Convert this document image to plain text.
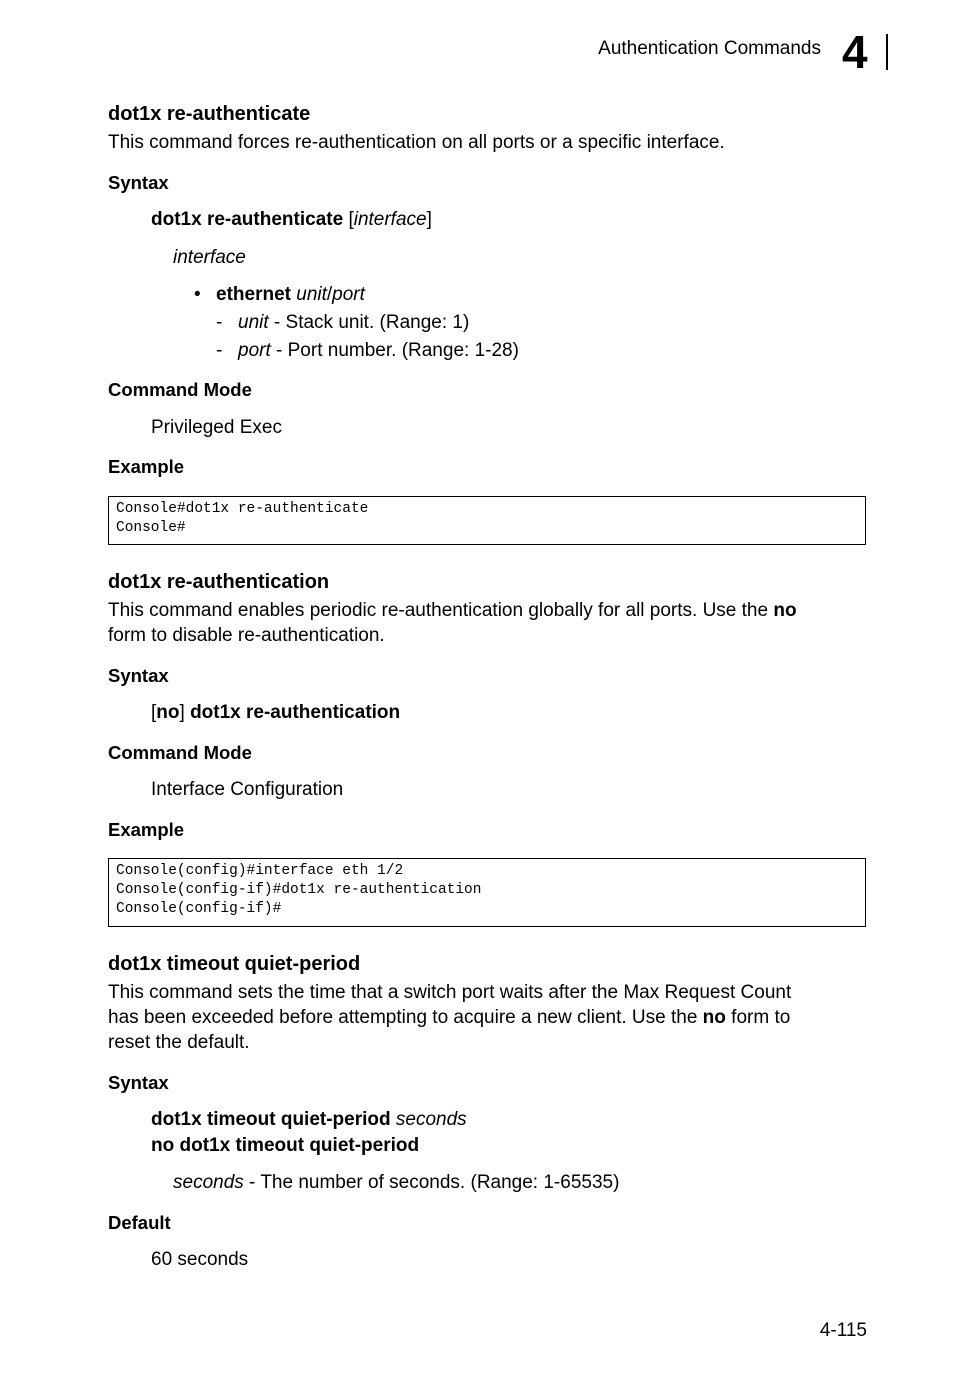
Authentication Commands 4
dot1x re-authenticate
This command forces re-authentication on all ports or a specific interface.
Syntax
dot1x re-authenticate [interface]
interface
• ethernet unit/port
- unit - Stack unit. (Range: 1)
- port - Port number. (Range: 1-28)
Command Mode
Privileged Exec
Example
Console#dot1x re-authenticate
Console#
dot1x re-authentication
This command enables periodic re-authentication globally for all ports. Use the no
form to disable re-authentication.
Syntax
[no] dot1x re-authentication
Command Mode
Interface Configuration
Example
Console(config)#interface eth 1/2
Console(config-if)#dot1x re-authentication
Console(config-if)#
dot1x timeout quiet-period
This command sets the time that a switch port waits after the Max Request Count
has been exceeded before attempting to acquire a new client. Use the no form to
reset the default.
Syntax
dot1x timeout quiet-period seconds
no dot1x timeout quiet-period
seconds - The number of seconds. (Range: 1-65535)
Default
60 seconds
4-115
